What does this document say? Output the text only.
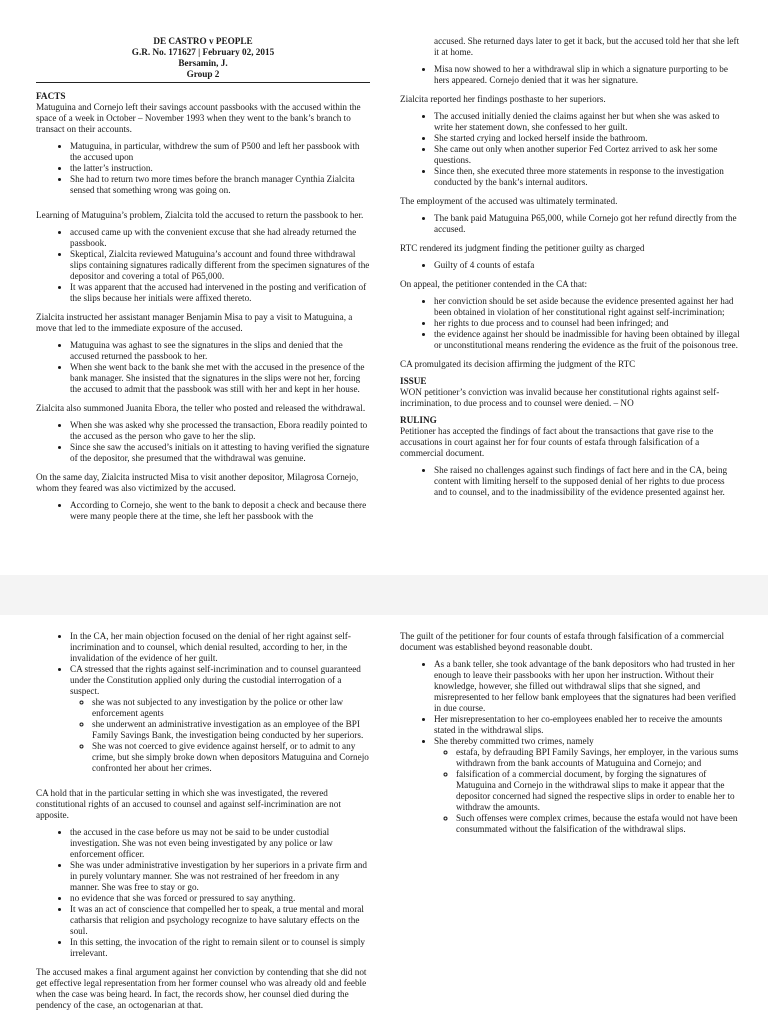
DE CASTRO v PEOPLE
G.R. No. 171627 | February 02, 2015
Bersamin, J.
Group 2
FACTS

Matuguina and Cornejo left their savings account passbooks with the accused within the space of a week in October – November 1993 when they went to the bank’s branch to transact on their accounts.

• Matuguina, in particular, withdrew the sum of P500 and left her passbook with the accused upon
• the latter’s instruction.
• She had to return two more times before the branch manager Cynthia Zialcita sensed that something wrong was going on.

Learning of Matuguina’s problem, Zialcita told the accused to return the passbook to her.

• accused came up with the convenient excuse that she had already returned the passbook.
• Skeptical, Zialcita reviewed Matuguina’s account and found three withdrawal slips containing signatures radically different from the specimen signatures of the depositor and covering a total of P65,000.
• It was apparent that the accused had intervened in the posting and verification of the slips because her initials were affixed thereto.

Zialcita instructed her assistant manager Benjamin Misa to pay a visit to Matuguina, a move that led to the immediate exposure of the accused.

• Matuguina was aghast to see the signatures in the slips and denied that the accused returned the passbook to her.
• When she went back to the bank she met with the accused in the presence of the bank manager. She insisted that the signatures in the slips were not her, forcing the accused to admit that the passbook was still with her and kept in her house.

Zialcita also summoned Juanita Ebora, the teller who posted and released the withdrawal.

• When she was asked why she processed the transaction, Ebora readily pointed to the accused as the person who gave to her the slip.
• Since she saw the accused’s initials on it attesting to having verified the signature of the depositor, she presumed that the withdrawal was genuine.

On the same day, Zialcita instructed Misa to visit another depositor, Milagrosa Cornejo, whom they feared was also victimized by the accused.

• According to Cornejo, she went to the bank to deposit a check and because there were many people there at the time, she left her passbook with the

accused. She returned days later to get it back, but the accused told her that she left it at home.

• Misa now showed to her a withdrawal slip in which a signature purporting to be hers appeared. Cornejo denied that it was her signature.

Zialcita reported her findings posthaste to her superiors.

• The accused initially denied the claims against her but when she was asked to write her statement down, she confessed to her guilt.
• She started crying and locked herself inside the bathroom.
• She came out only when another superior Fed Cortez arrived to ask her some questions.
• Since then, she executed three more statements in response to the investigation conducted by the bank’s internal auditors.

The employment of the accused was ultimately terminated.

• The bank paid Matuguina P65,000, while Cornejo got her refund directly from the accused.

RTC rendered its judgment finding the petitioner guilty as charged

• Guilty of 4 counts of estafa

On appeal, the petitioner contended in the CA that:

• her conviction should be set aside because the evidence presented against her had been obtained in violation of her constitutional right against self-incrimination;
• her rights to due process and to counsel had been infringed; and
• the evidence against her should be inadmissible for having been obtained by illegal or unconstitutional means rendering the evidence as the fruit of the poisonous tree.

CA promulgated its decision affirming the judgment of the RTC

ISSUE

WON petitioner’s conviction was invalid because her constitutional rights against self-incrimination, to due process and to counsel were denied. – NO

RULING

Petitioner has accepted the findings of fact about the transactions that gave rise to the accusations in court against her for four counts of estafa through falsification of a commercial document.

• She raised no challenges against such findings of fact here and in the CA, being content with limiting herself to the supposed denial of her rights to due process and to counsel, and to the inadmissibility of the evidence presented against her.
• In the CA, her main objection focused on the denial of her right against self-incrimination and to counsel, which denial resulted, according to her, in the invalidation of the evidence of her guilt.
• CA stressed that the rights against self-incrimination and to counsel guaranteed under the Constitution applied only during the custodial interrogation of a suspect.
◦ she was not subjected to any investigation by the police or other law enforcement agents
◦ she underwent an administrative investigation as an employee of the BPI Family Savings Bank, the investigation being conducted by her superiors.
◦ She was not coerced to give evidence against herself, or to admit to any crime, but she simply broke down when depositors Matuguina and Cornejo confronted her about her crimes.

CA hold that in the particular setting in which she was investigated, the revered constitutional rights of an accused to counsel and against self-incrimination are not apposite.

• the accused in the case before us may not be said to be under custodial investigation. She was not even being investigated by any police or law enforcement officer.
• She was under administrative investigation by her superiors in a private firm and in purely voluntary manner. She was not restrained of her freedom in any manner. She was free to stay or go.
• no evidence that she was forced or pressured to say anything.
• It was an act of conscience that compelled her to speak, a true mental and moral catharsis that religion and psychology recognize to have salutary effects on the soul.
• In this setting, the invocation of the right to remain silent or to counsel is simply irrelevant.

The accused makes a final argument against her conviction by contending that she did not get effective legal representation from her former counsel who was already old and feeble when the case was being heard. In fact, the records show, her counsel died during the pendency of the case, an octogenarian at that.

The guilt of the petitioner for four counts of estafa through falsification of a commercial document was established beyond reasonable doubt.

• As a bank teller, she took advantage of the bank depositors who had trusted in her enough to leave their passbooks with her upon her instruction. Without their knowledge, however, she filled out withdrawal slips that she signed, and misrepresented to her fellow bank employees that the signatures had been verified in due course.
• Her misrepresentation to her co-employees enabled her to receive the amounts stated in the withdrawal slips.
• She thereby committed two crimes, namely
◦ estafa, by defrauding BPI Family Savings, her employer, in the various sums withdrawn from the bank accounts of Matuguina and Cornejo; and
◦ falsification of a commercial document, by forging the signatures of Matuguina and Cornejo in the withdrawal slips to make it appear that the depositor concerned had signed the respective slips in order to enable her to withdraw the amounts.
◦ Such offenses were complex crimes, because the estafa would not have been consummated without the falsification of the withdrawal slips.
